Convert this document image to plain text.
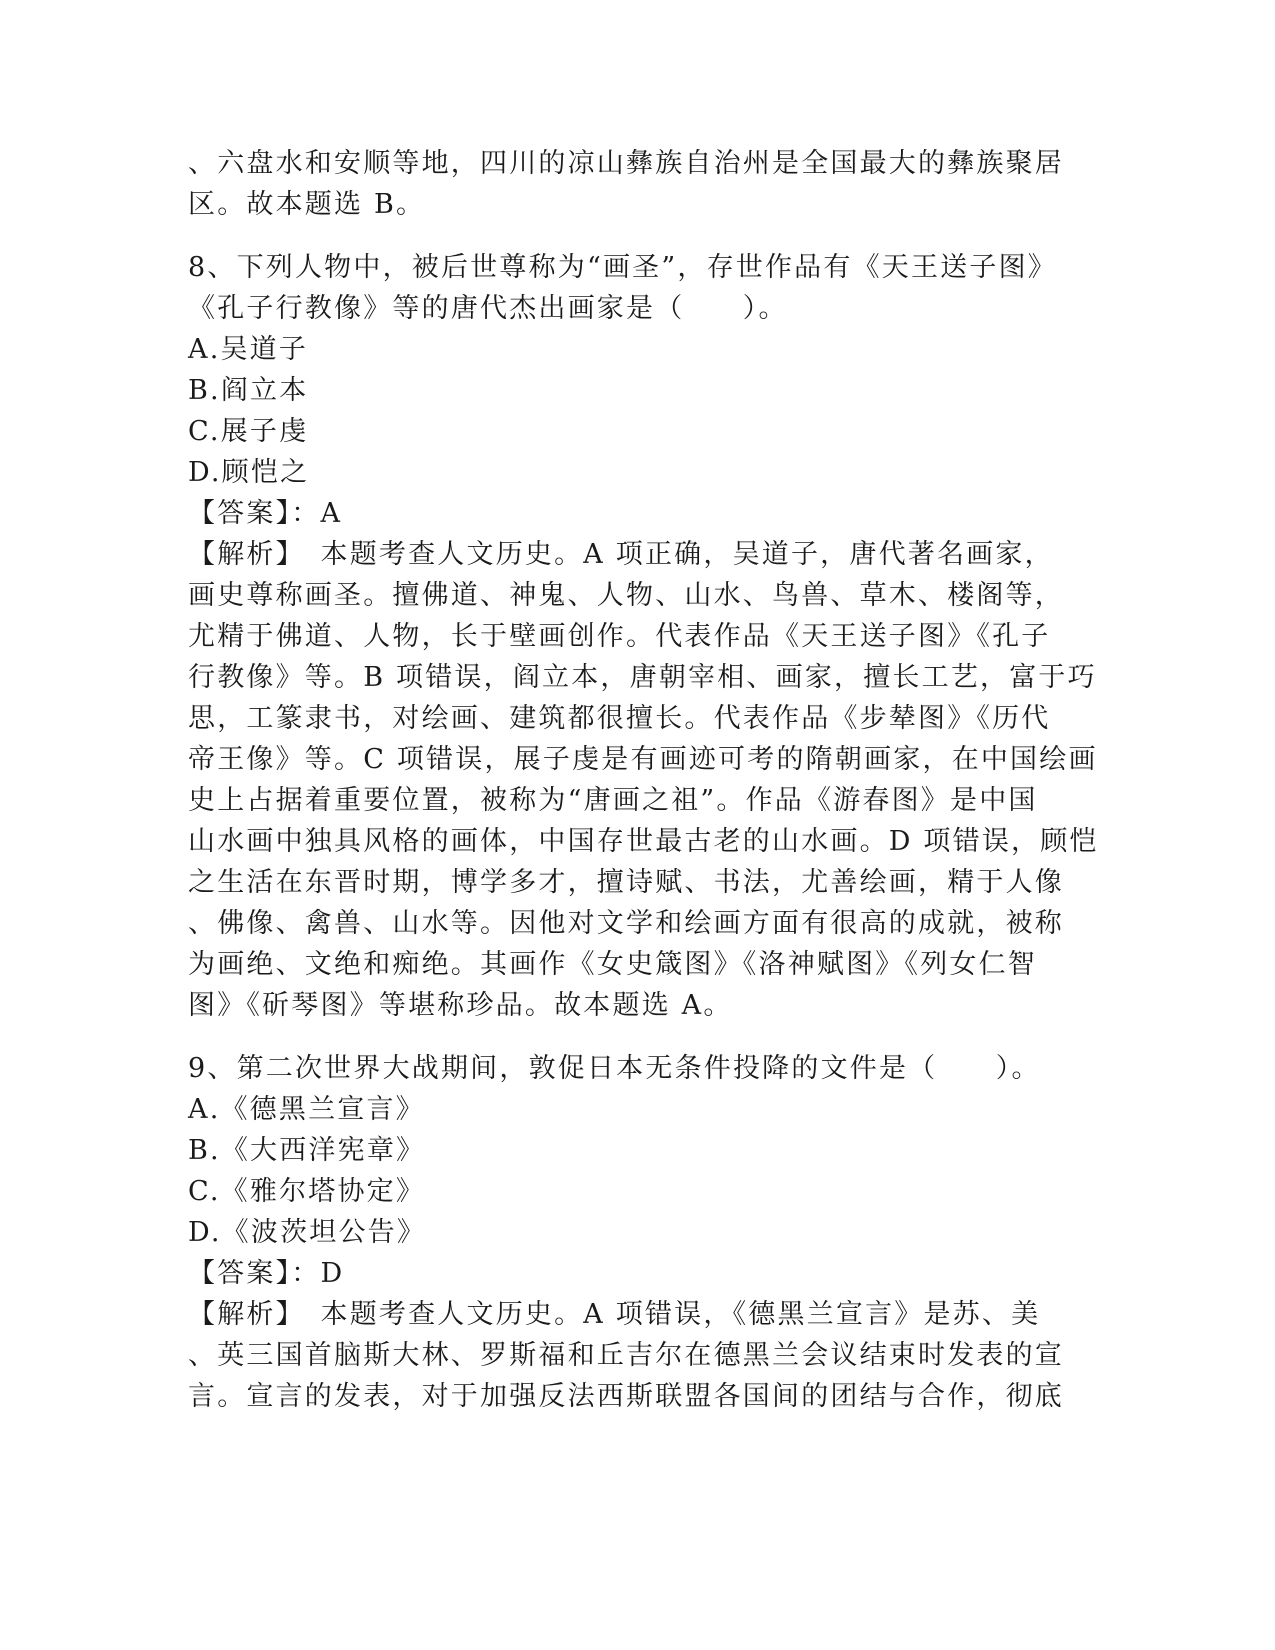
、六盘水和安顺等地，四川的凉山彝族自治州是全国最大的彝族聚居
区。故本题选 B。
8、下列人物中，被后世尊称为“画圣”，存世作品有《天王送子图》
《孔子行教像》等的唐代杰出画家是（　　）。
A.吴道子
B.阎立本
C.展子虔
D.顾恺之
【答案】：A
【解析】　本题考查人文历史。A 项正确，吴道子，唐代著名画家，
画史尊称画圣。擅佛道、神鬼、人物、山水、鸟兽、草木、楼阁等，
尤精于佛道、人物，长于壁画创作。代表作品《天王送子图》《孔子
行教像》等。B 项错误，阎立本，唐朝宰相、画家，擅长工艺，富于巧
思，工篆隶书，对绘画、建筑都很擅长。代表作品《步辇图》《历代
帝王像》等。C 项错误，展子虔是有画迹可考的隋朝画家，在中国绘画
史上占据着重要位置，被称为“唐画之祖”。作品《游春图》是中国
山水画中独具风格的画体，中国存世最古老的山水画。D 项错误，顾恺
之生活在东晋时期，博学多才，擅诗赋、书法，尤善绘画，精于人像
、佛像、禽兽、山水等。因他对文学和绘画方面有很高的成就，被称
为画绝、文绝和痴绝。其画作《女史箴图》《洛神赋图》《列女仁智
图》《斫琴图》等堪称珍品。故本题选 A。
9、第二次世界大战期间，敦促日本无条件投降的文件是（　　）。
A.《德黑兰宣言》
B.《大西洋宪章》
C.《雅尔塔协定》
D.《波茨坦公告》
【答案】：D
【解析】　本题考查人文历史。A 项错误，《德黑兰宣言》是苏、美
、英三国首脑斯大林、罗斯福和丘吉尔在德黑兰会议结束时发表的宣
言。宣言的发表，对于加强反法西斯联盟各国间的团结与合作，彻底
